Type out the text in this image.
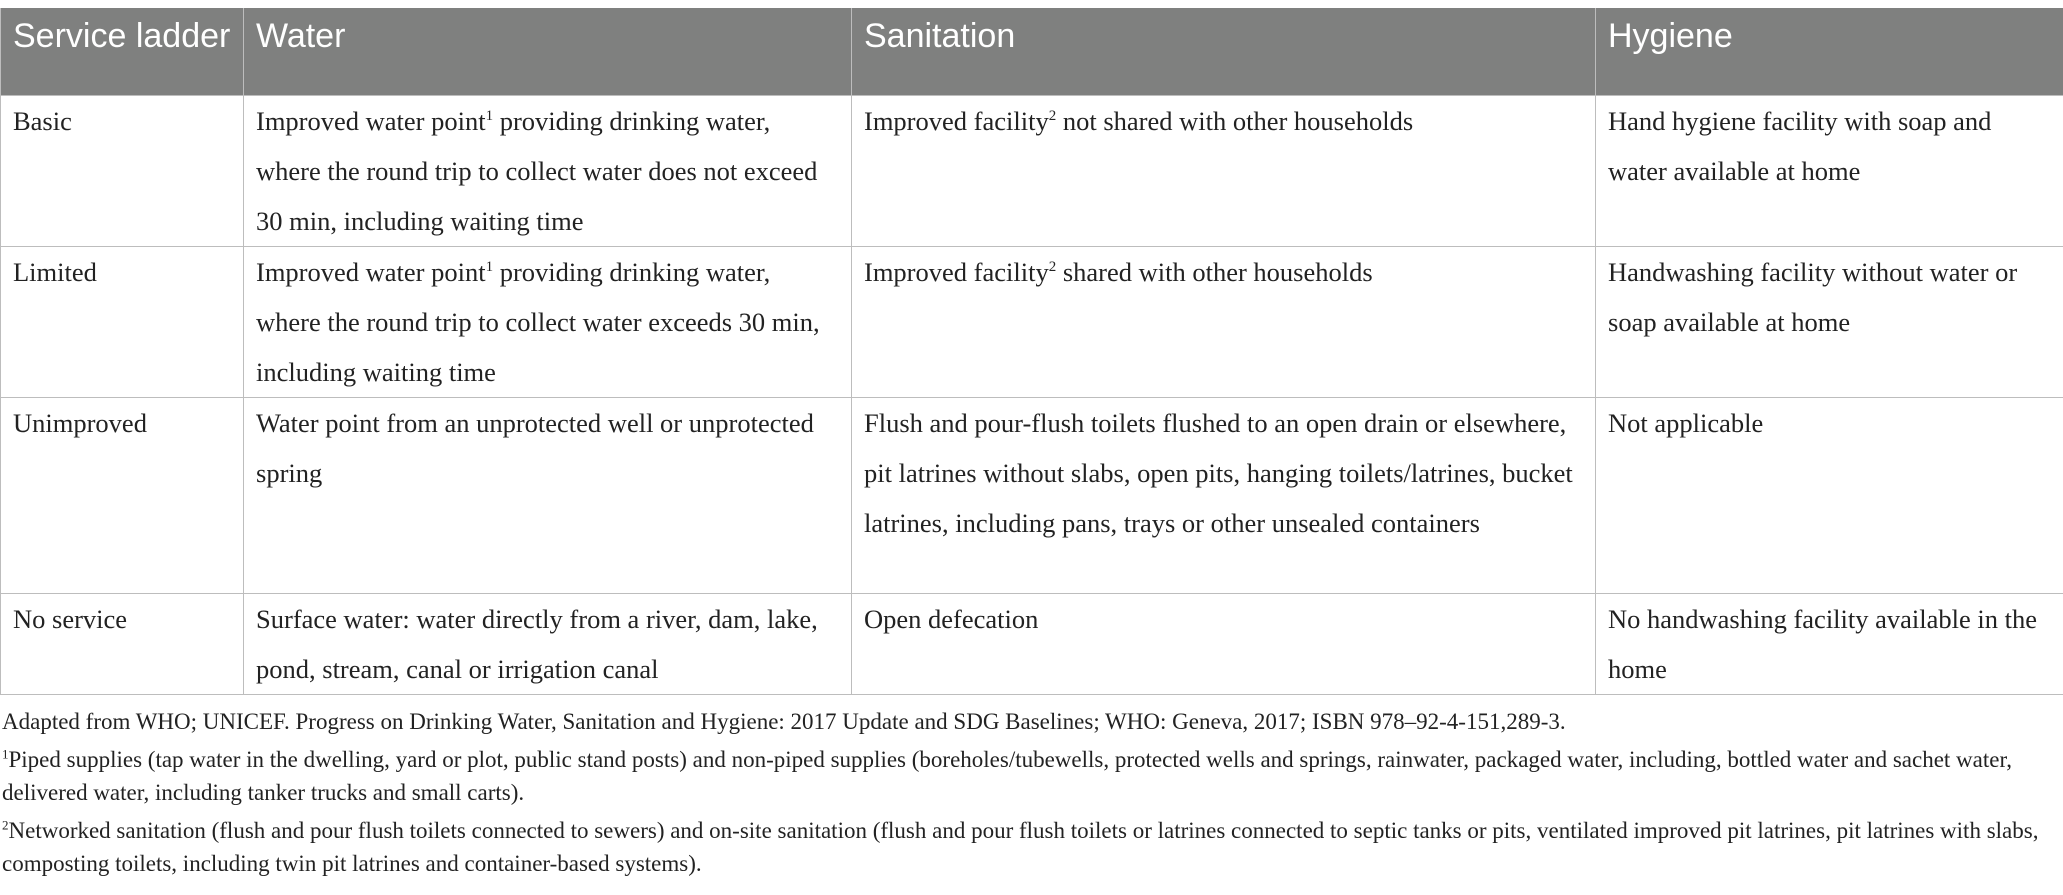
Service ladder	Water	Sanitation	Hygiene
Basic	Improved water point$^1$ providing drinking water, where the round trip to collect water does not exceed 30 min, including waiting time	Improved facility$^2$ not shared with other households	Hand hygiene facility with soap and water available at home
Limited	Improved water point$^1$ providing drinking water, where the round trip to collect water exceeds 30 min, including waiting time	Improved facility$^2$ shared with other households	Handwashing facility without water or soap available at home
Unimproved	Water point from an unprotected well or unprotected spring	Flush and pour-flush toilets flushed to an open drain or elsewhere, pit latrines without slabs, open pits, hanging toilets/latrines, bucket latrines, including pans, trays or other unsealed containers	Not applicable
No service	Surface water: water directly from a river, dam, lake, pond, stream, canal or irrigation canal	Open defecation	No handwashing facility available in the home

Adapted from WHO; UNICEF. Progress on Drinking Water, Sanitation and Hygiene: 2017 Update and SDG Baselines; WHO: Geneva, 2017; ISBN 978–92-4-151,289-3.

$^1$Piped supplies (tap water in the dwelling, yard or plot, public stand posts) and non-piped supplies (boreholes/tubewells, protected wells and springs, rainwater, packaged water, including, bottled water and sachet water, delivered water, including tanker trucks and small carts).

$^2$Networked sanitation (flush and pour flush toilets connected to sewers) and on-site sanitation (flush and pour flush toilets or latrines connected to septic tanks or pits, ventilated improved pit latrines, pit latrines with slabs, composting toilets, including twin pit latrines and container-based systems).
